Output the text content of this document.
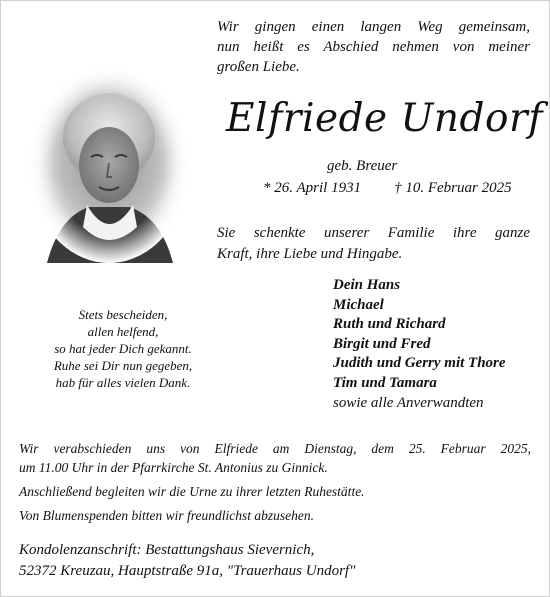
Wir gingen einen langen Weg gemeinsam,
nun heißt es Abschied nehmen von meiner
großen Liebe.
Elfriede Undorf
geb. Breuer
* 26. April 1931 † 10. Februar 2025
Sie schenkte unserer Familie ihre ganze
Kraft, ihre Liebe und Hingabe.
Stets bescheiden,
allen helfend,
so hat jeder Dich gekannt.
Ruhe sei Dir nun gegeben,
hab für alles vielen Dank.
Dein Hans
Michael
Ruth und Richard
Birgit und Fred
Judith und Gerry mit Thore
Tim und Tamara
sowie alle Anverwandten
Wir verabschieden uns von Elfriede am Dienstag, dem 25. Februar 2025,
um 11.00 Uhr in der Pfarrkirche St. Antonius zu Ginnick.
Anschließend begleiten wir die Urne zu ihrer letzten Ruhestätte.
Von Blumenspenden bitten wir freundlichst abzusehen.
Kondolenzanschrift: Bestattungshaus Sievernich,
52372 Kreuzau, Hauptstraße 91a, "Trauerhaus Undorf"
